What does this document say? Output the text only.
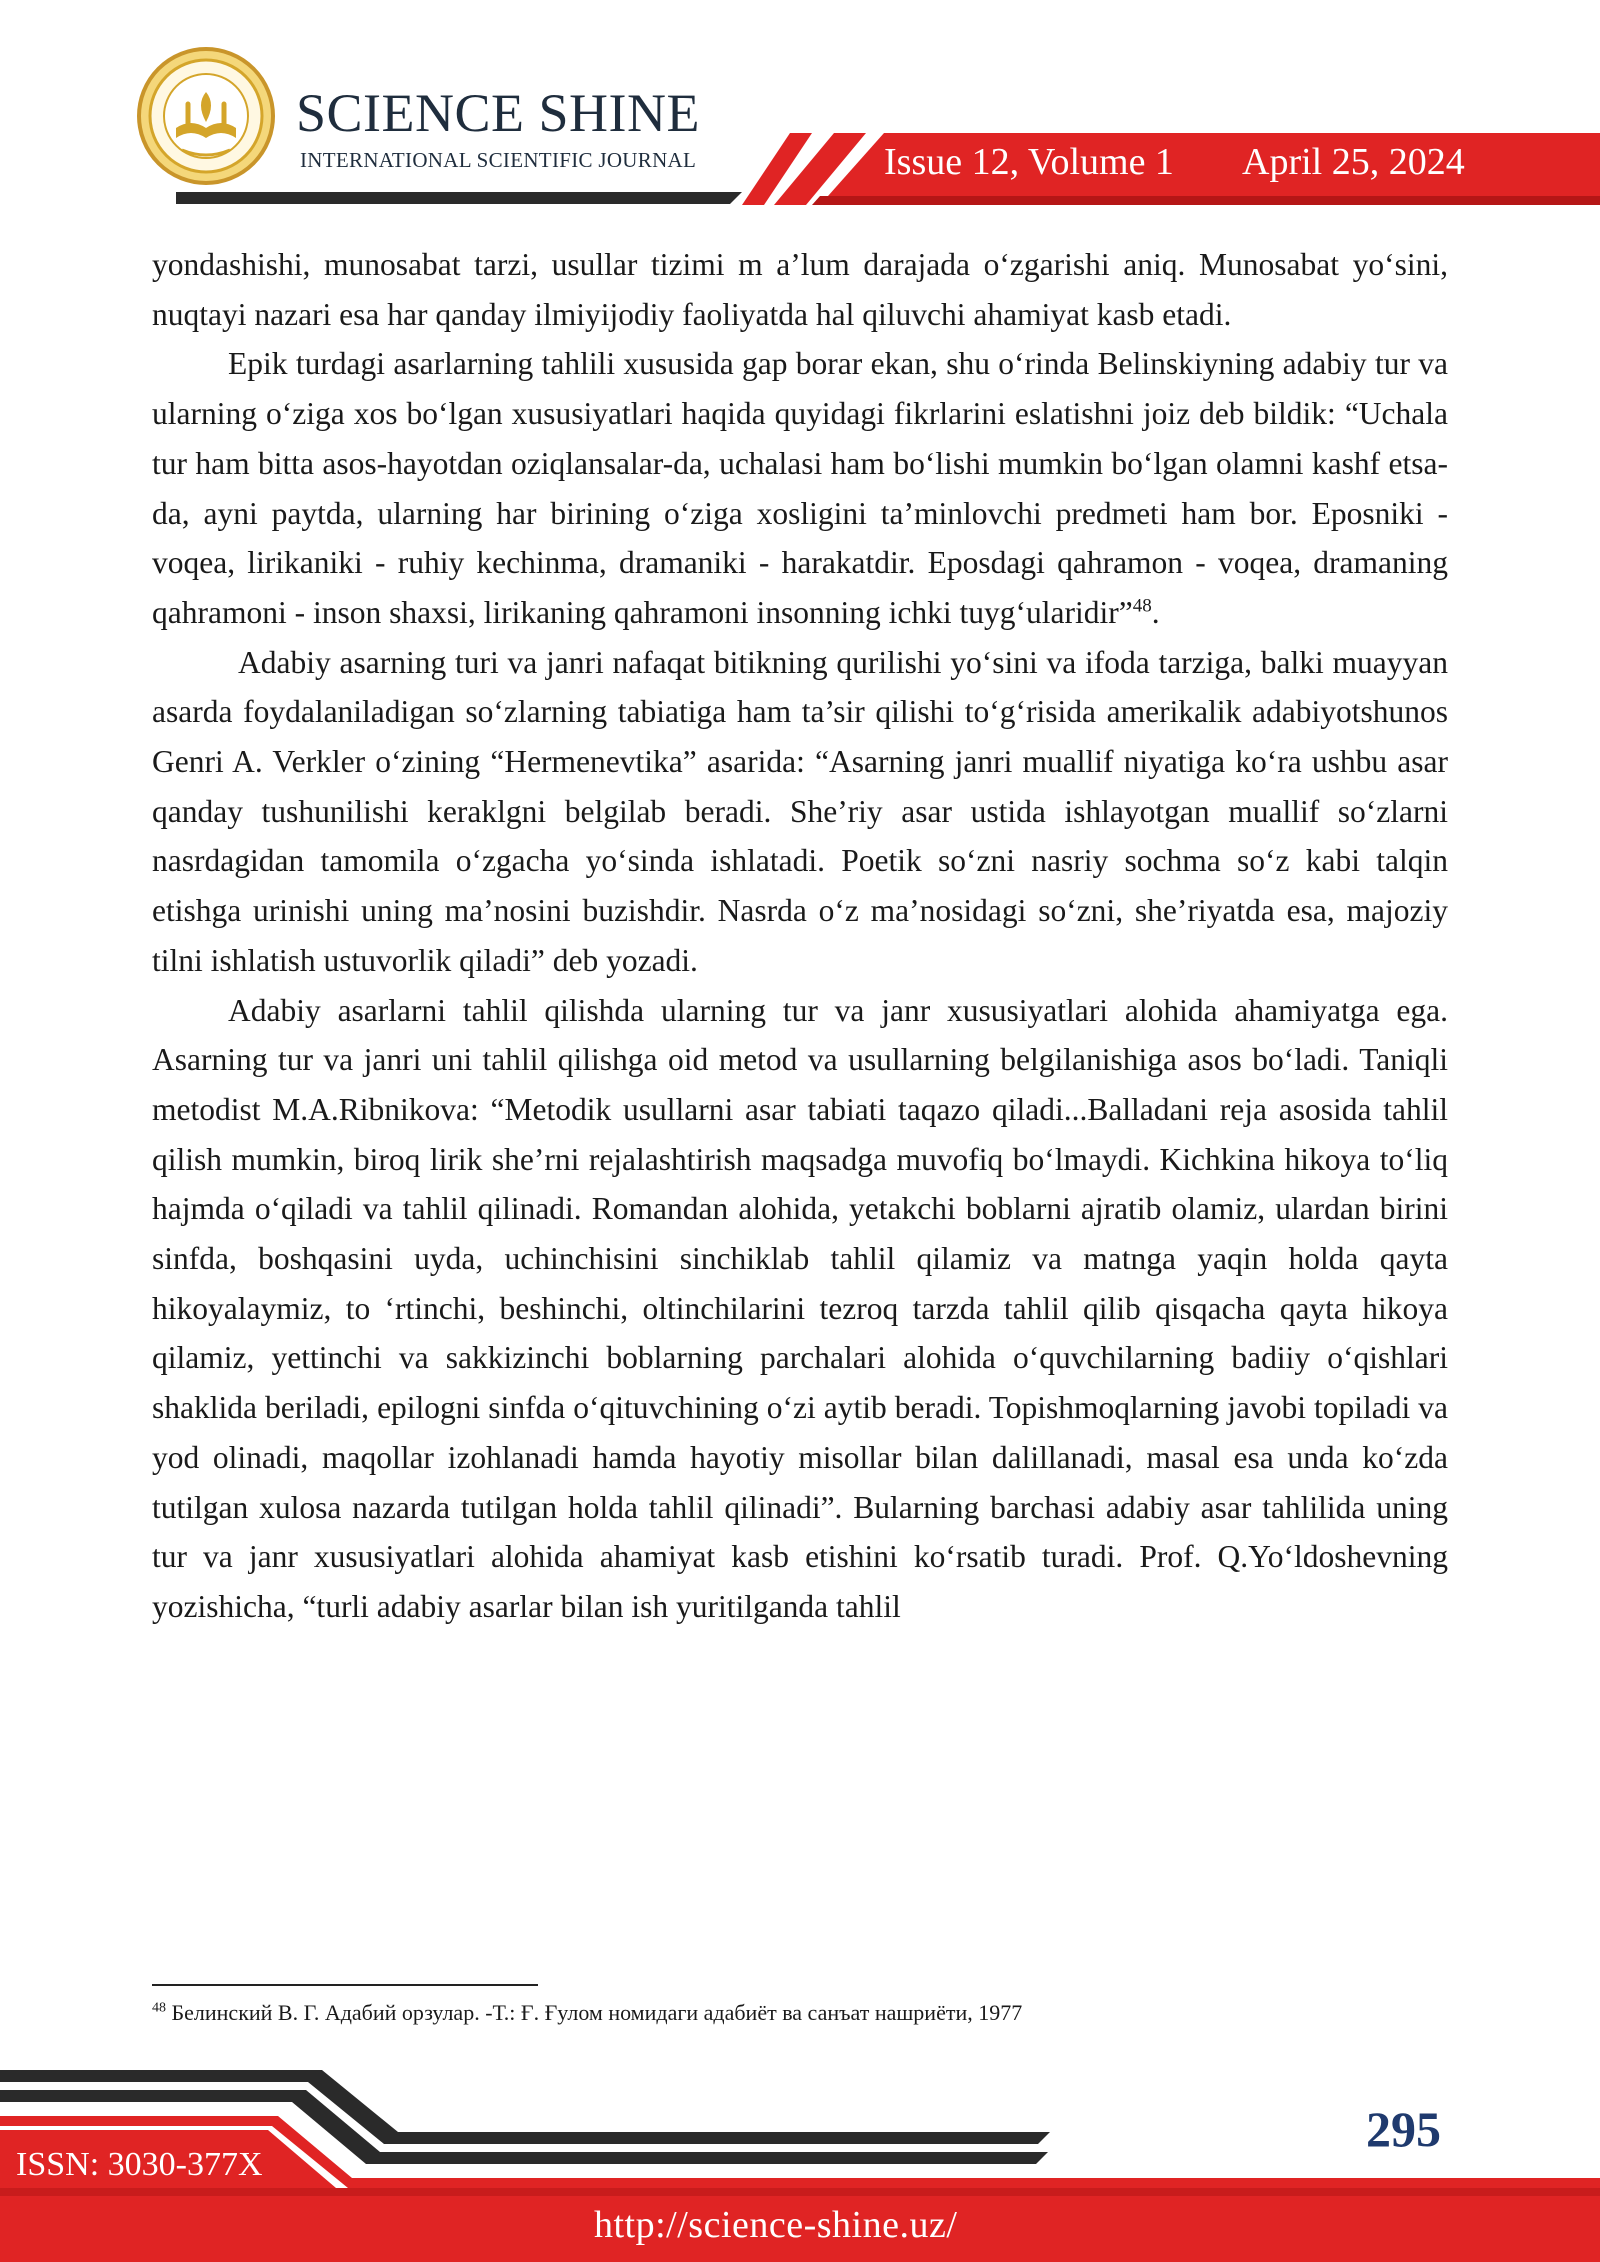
SCIENCE SHINE
INTERNATIONAL SCIENTIFIC JOURNAL	Issue 12, Volume 1 April 25, 2024

yondashishi, munosabat tarzi, usullar tizimi m a’lum darajada o‘zgarishi aniq. Munosabat yo‘sini, nuqtayi nazari esa har qanday ilmiyijodiy faoliyatda hal qiluvchi ahamiyat kasb etadi.

Epik turdagi asarlarning tahlili xususida gap borar ekan, shu o‘rinda Belinskiyning adabiy tur va ularning o‘ziga xos bo‘lgan xususiyatlari haqida quyidagi fikrlarini eslatishni joiz deb bildik: “Uchala tur ham bitta asos-hayotdan oziqlansalar-da, uchalasi ham bo‘lishi mumkin bo‘lgan olamni kashf etsa-da, ayni paytda, ularning har birining o‘ziga xosligini ta’minlovchi predmeti ham bor. Eposniki - voqea, lirikaniki - ruhiy kechinma, dramaniki - harakatdir. Eposdagi qahramon - voqea, dramaning qahramoni - inson shaxsi, lirikaning qahramoni insonning ichki tuyg‘ularidir”$^{48}$.

Adabiy asarning turi va janri nafaqat bitikning qurilishi yo‘sini va ifoda tarziga, balki muayyan asarda foydalaniladigan so‘zlarning tabiatiga ham ta’sir qilishi to‘g‘risida amerikalik adabiyotshunos Genri A. Verkler o‘zining “Hermenevtika” asarida: “Asarning janri muallif niyatiga ko‘ra ushbu asar qanday tushunilishi keraklgni belgilab beradi. She’riy asar ustida ishlayotgan muallif so‘zlarni nasrdagidan tamomila o‘zgacha yo‘sinda ishlatadi. Poetik so‘zni nasriy sochma so‘z kabi talqin etishga urinishi uning ma’nosini buzishdir. Nasrda o‘z ma’nosidagi so‘zni, she’riyatda esa, majoziy tilni ishlatish ustuvorlik qiladi” deb yozadi.

Adabiy asarlarni tahlil qilishda ularning tur va janr xususiyatlari alohida ahamiyatga ega. Asarning tur va janri uni tahlil qilishga oid metod va usullarning belgilanishiga asos bo‘ladi. Taniqli metodist M.A.Ribnikova: “Metodik usullarni asar tabiati taqazo qiladi...Balladani reja asosida tahlil qilish mumkin, biroq lirik she’rni rejalashtirish maqsadga muvofiq bo‘lmaydi. Kichkina hikoya to‘liq hajmda o‘qiladi va tahlil qilinadi. Romandan alohida, yetakchi boblarni ajratib olamiz, ulardan birini sinfda, boshqasini uyda, uchinchisini sinchiklab tahlil qilamiz va matnga yaqin holda qayta hikoyalaymiz, to ‘rtinchi, beshinchi, oltinchilarini tezroq tarzda tahlil qilib qisqacha qayta hikoya qilamiz, yettinchi va sakkizinchi boblarning parchalari alohida o‘quvchilarning badiiy o‘qishlari shaklida beriladi, epilogni sinfda o‘qituvchining o‘zi aytib beradi. Topishmoqlarning javobi topiladi va yod olinadi, maqollar izohlanadi hamda hayotiy misollar bilan dalillanadi, masal esa unda ko‘zda tutilgan xulosa nazarda tutilgan holda tahlil qilinadi”. Bularning barchasi adabiy asar tahlilida uning tur va janr xususiyatlari alohida ahamiyat kasb etishini ko‘rsatib turadi. Prof. Q.Yo‘ldoshevning yozishicha, “turli adabiy asarlar bilan ish yuritilganda tahlil

$^{48}$ Белинский В. Г. Адабий орзулар. -Т.: Ғ. Ғулом номидаги адабиёт ва санъат нашриёти, 1977
295
ISSN: 3030-377X
http://science-shine.uz/
